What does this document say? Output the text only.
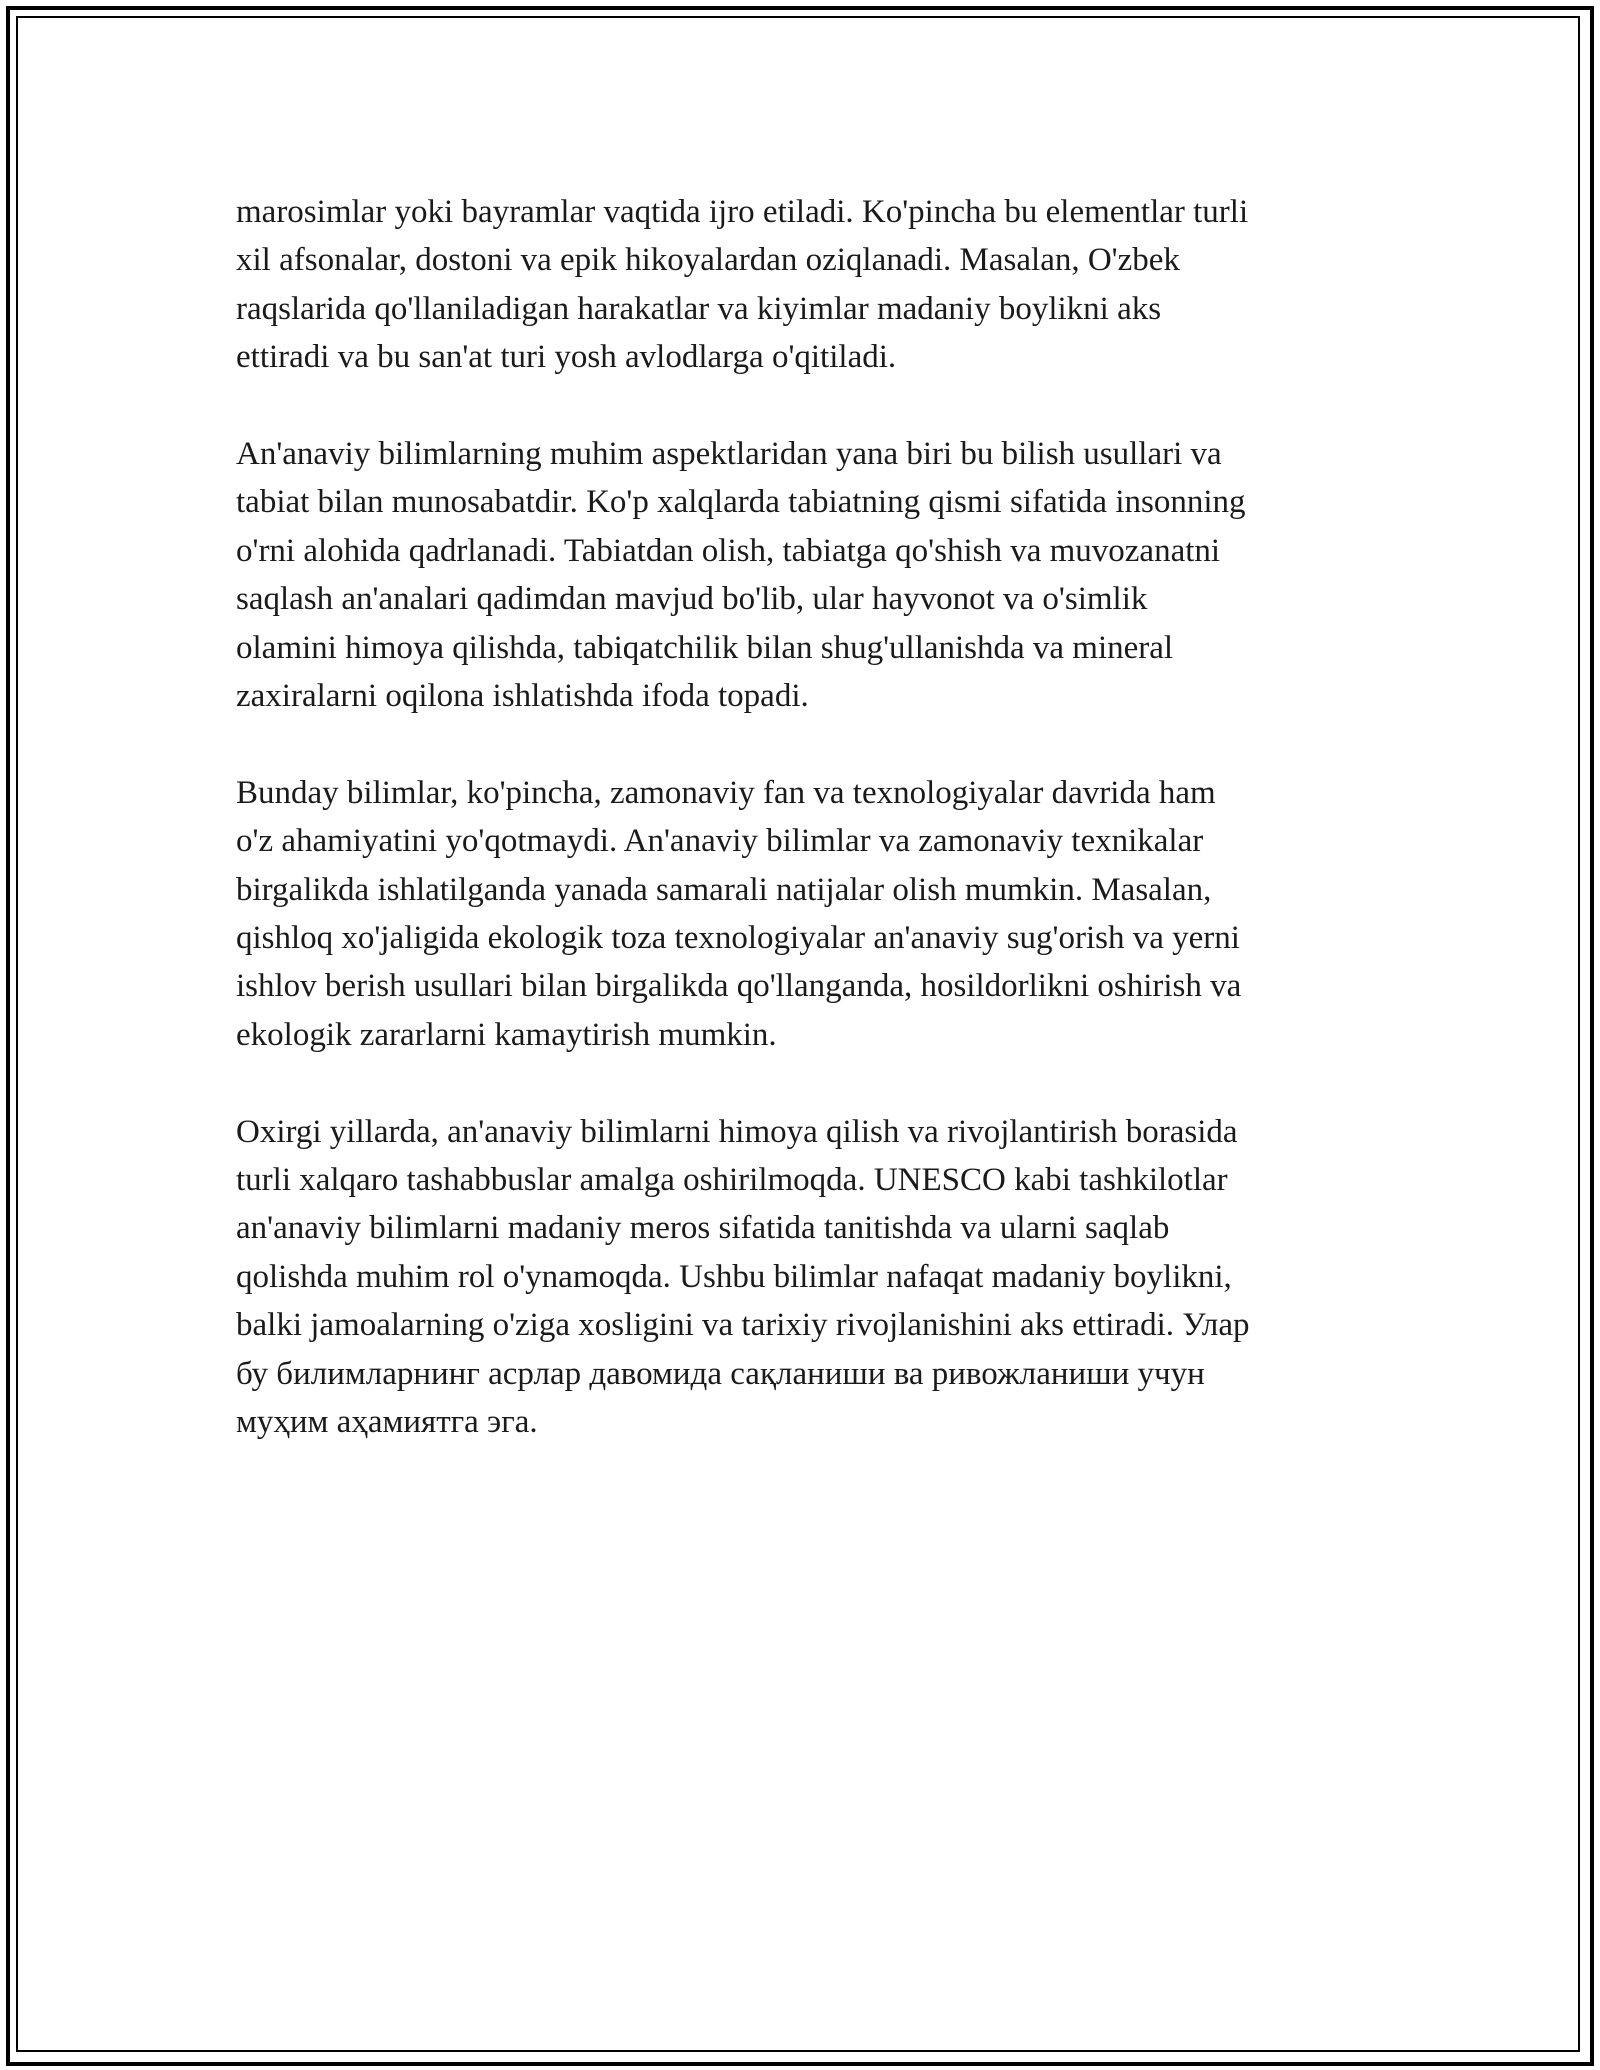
marosimlar yoki bayramlar vaqtida ijro etiladi. Ko'pincha bu elementlar turli
xil afsonalar, dostoni va epik hikoyalardan oziqlanadi. Masalan, O'zbek
raqslarida qo'llaniladigan harakatlar va kiyimlar madaniy boylikni aks
ettiradi va bu san'at turi yosh avlodlarga o'qitiladi.

An'anaviy bilimlarning muhim aspektlaridan yana biri bu bilish usullari va
tabiat bilan munosabatdir. Ko'p xalqlarda tabiatning qismi sifatida insonning
o'rni alohida qadrlanadi. Tabiatdan olish, tabiatga qo'shish va muvozanatni
saqlash an'analari qadimdan mavjud bo'lib, ular hayvonot va o'simlik
olamini himoya qilishda, tabiqatchilik bilan shug'ullanishda va mineral
zaxiralarni oqilona ishlatishda ifoda topadi.

Bunday bilimlar, ko'pincha, zamonaviy fan va texnologiyalar davrida ham
o'z ahamiyatini yo'qotmaydi. An'anaviy bilimlar va zamonaviy texnikalar
birgalikda ishlatilganda yanada samarali natijalar olish mumkin. Masalan,
qishloq xo'jaligida ekologik toza texnologiyalar an'anaviy sug'orish va yerni
ishlov berish usullari bilan birgalikda qo'llanganda, hosildorlikni oshirish va
ekologik zararlarni kamaytirish mumkin.

Oxirgi yillarda, an'anaviy bilimlarni himoya qilish va rivojlantirish borasida
turli xalqaro tashabbuslar amalga oshirilmoqda. UNESCO kabi tashkilotlar
an'anaviy bilimlarni madaniy meros sifatida tanitishda va ularni saqlab
qolishda muhim rol o'ynamoqda. Ushbu bilimlar nafaqat madaniy boylikni,
balki jamoalarning o'ziga xosligini va tarixiy rivojlanishini aks ettiradi. Улар
бу билимларнинг асрлар давомида сақланиши ва ривожланиши учун
муҳим аҳамиятга эга.
